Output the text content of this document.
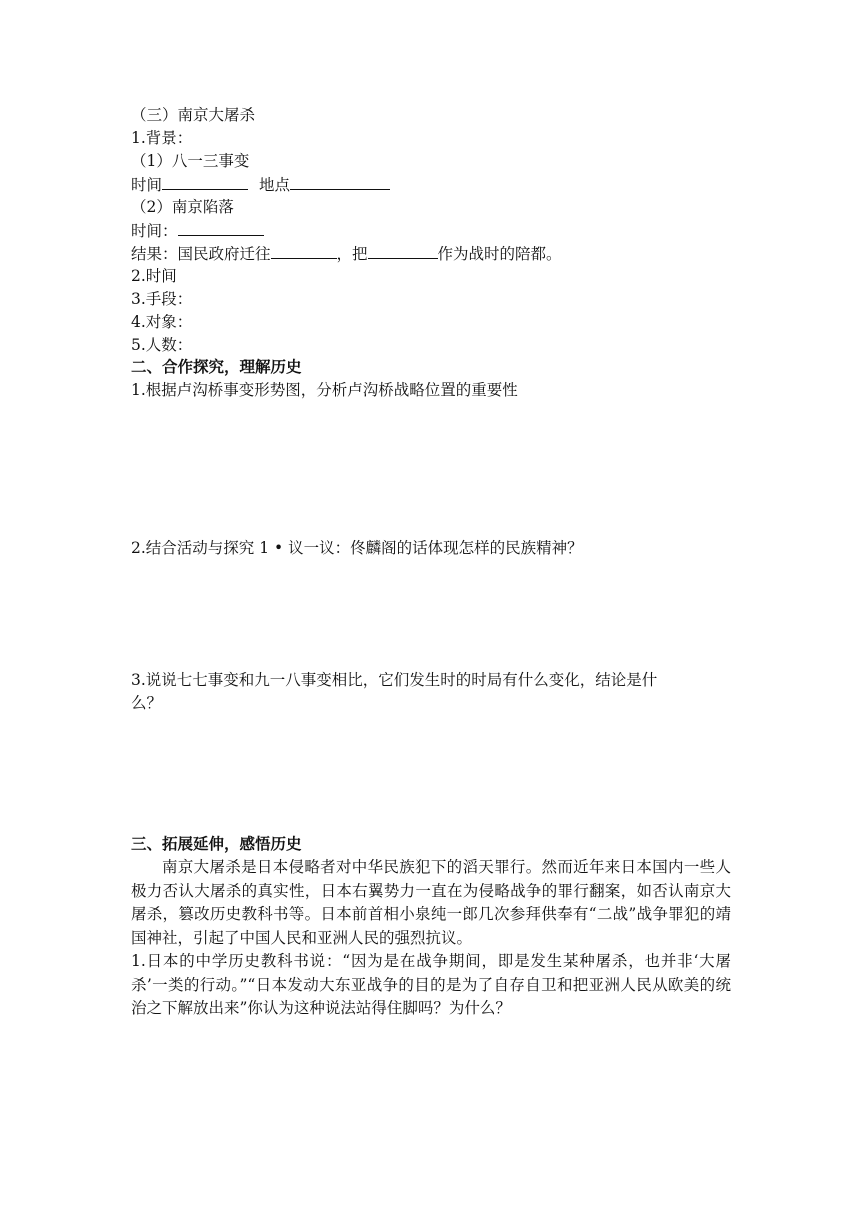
（三）南京大屠杀
1.背景：
（1）八一三事变
时间	地点
（2）南京陷落
时间：
结果：国民政府迁往	，把	作为战时的陪都。
2.时间
3.手段：
4.对象：
5.人数：
二、合作探究，理解历史
1.根据卢沟桥事变形势图，分析卢沟桥战略位置的重要性
2.结合活动与探究 1 • 议一议：佟麟阁的话体现怎样的民族精神？
3.说说七七事变和九一八事变相比，它们发生时的时局有什么变化，结论是什
么？
三、拓展延伸，感悟历史
南京大屠杀是日本侵略者对中华民族犯下的滔天罪行。然而近年来日本国内一些人极力否认大屠杀的真实性，日本右翼势力一直在为侵略战争的罪行翻案，如否认南京大屠杀，篡改历史教科书等。日本前首相小泉纯一郎几次参拜供奉有“二战”战争罪犯的靖国神社，引起了中国人民和亚洲人民的强烈抗议。
1.日本的中学历史教科书说：“因为是在战争期间，即是发生某种屠杀，也并非‘大屠杀’一类的行动。”“日本发动大东亚战争的目的是为了自存自卫和把亚洲人民从欧美的统治之下解放出来”你认为这种说法站得住脚吗？为什么？
